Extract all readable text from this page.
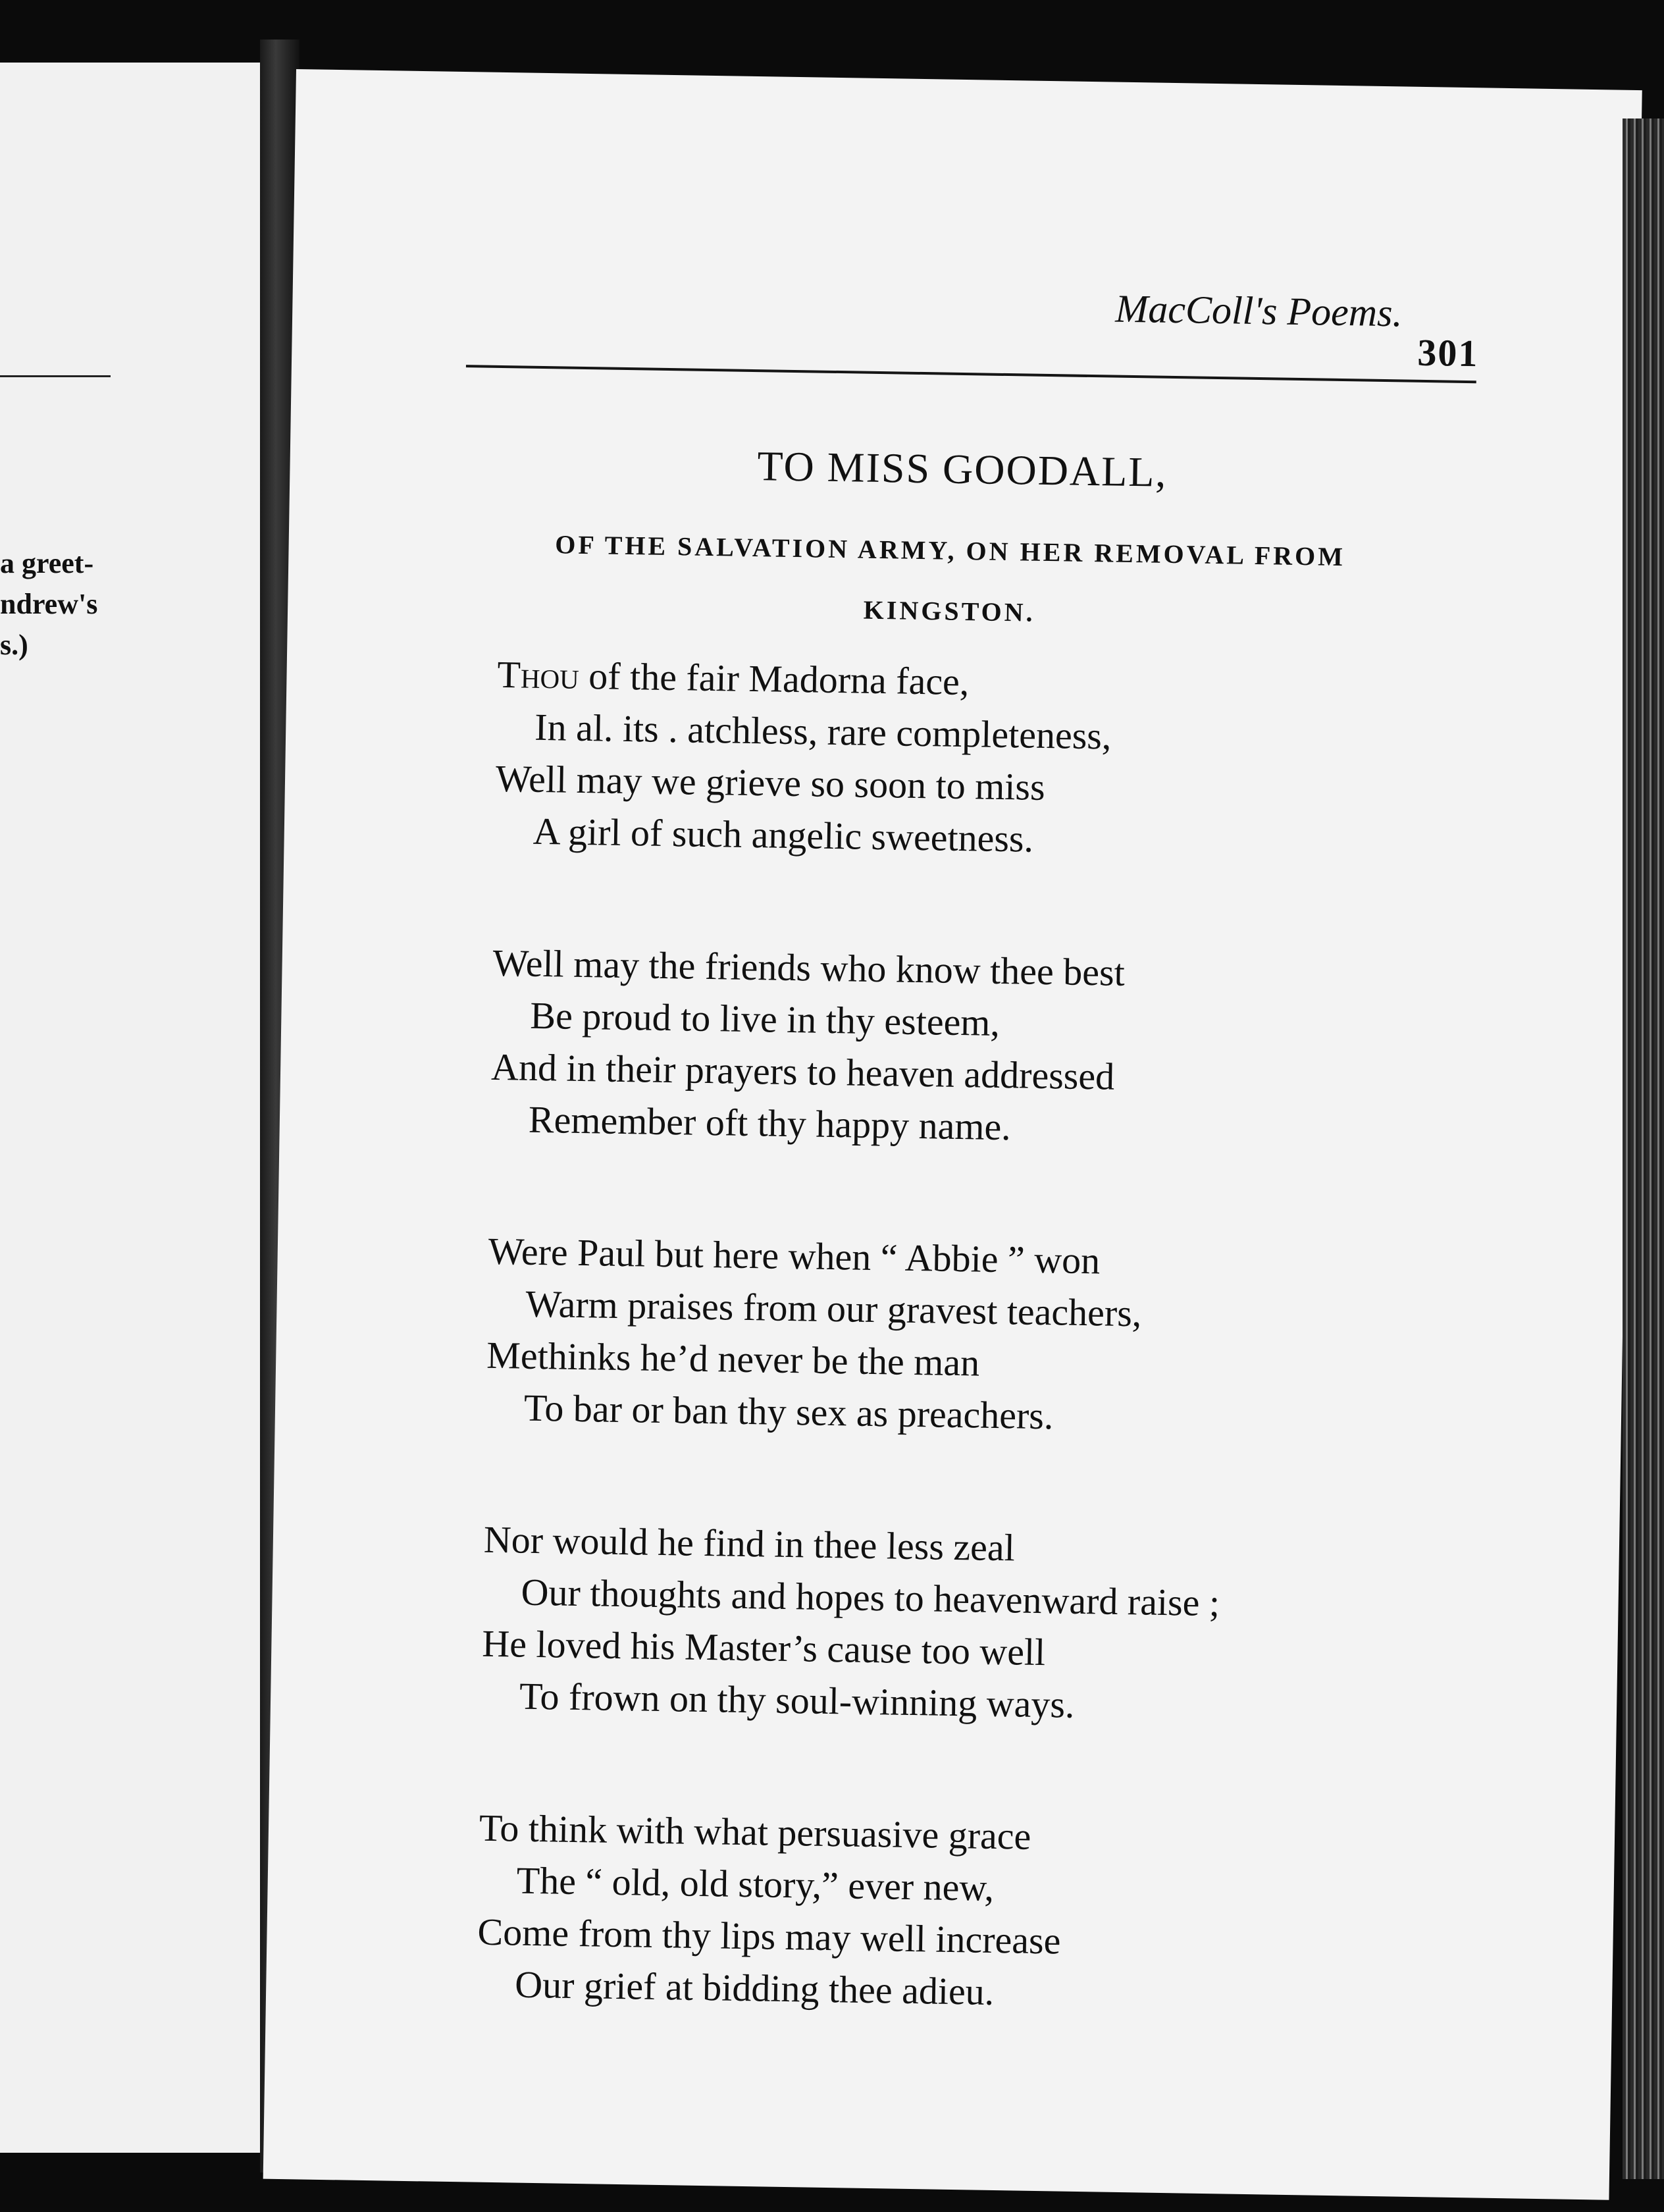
a greet-
ndrew's
s.)
MacColl's Poems.
301
TO MISS GOODALL,
OF THE SALVATION ARMY, ON HER REMOVAL FROM
KINGSTON.
Thou of the fair Madorna face,
In al. its . atchless, rare completeness,
Well may we grieve so soon to miss
A girl of such angelic sweetness.
Well may the friends who know thee best
Be proud to live in thy esteem,
And in their prayers to heaven addressed
Remember oft thy happy name.
Were Paul but here when “ Abbie ” won
Warm praises from our gravest teachers,
Methinks he’d never be the man
To bar or ban thy sex as preachers.
Nor would he find in thee less zeal
Our thoughts and hopes to heavenward raise ;
He loved his Master’s cause too well
To frown on thy soul-winning ways.
To think with what persuasive grace
The “ old, old story,” ever new,
Come from thy lips may well increase
Our grief at bidding thee adieu.
